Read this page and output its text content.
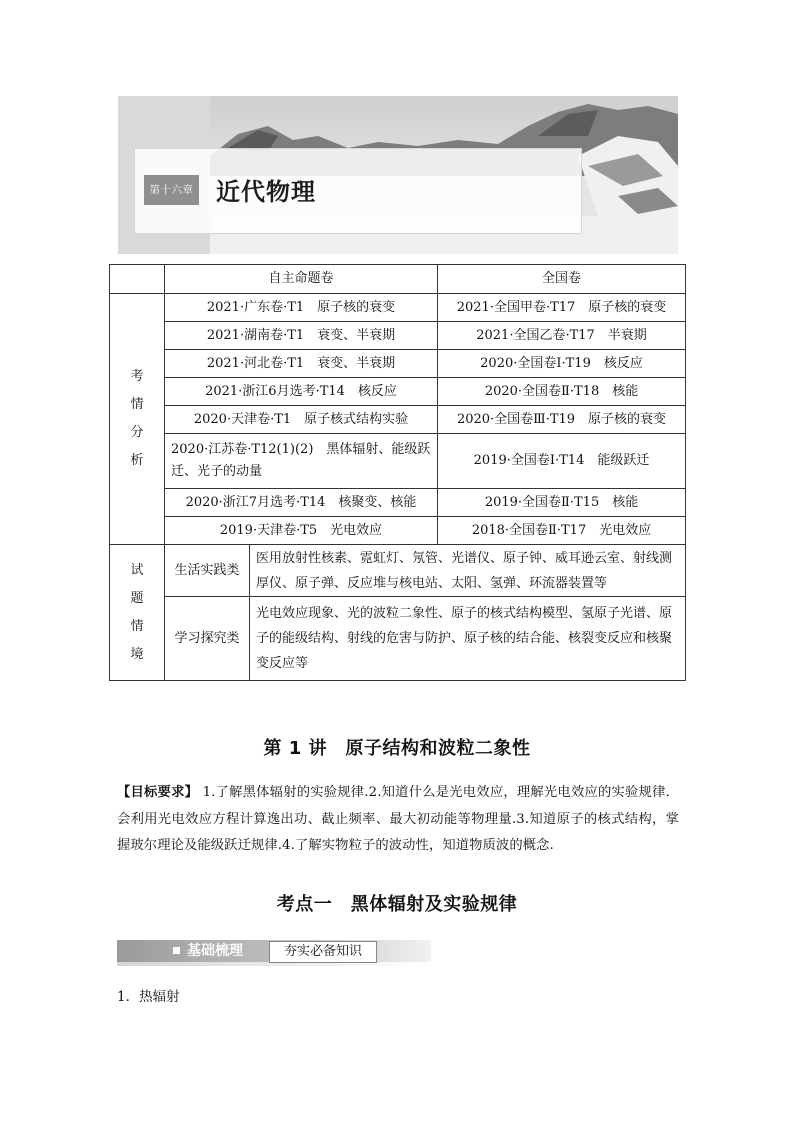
第十六章 近代物理
	自主命题卷		全国卷

考
情
分
析	2021·广东卷·T1　原子核的衰变		2021·全国甲卷·T17　原子核的衰变
	2021·湖南卷·T1　衰变、半衰期		2021·全国乙卷·T17　半衰期
	2021·河北卷·T1　衰变、半衰期		2020·全国卷Ⅰ·T19　核反应
	2021·浙江6月选考·T14　核反应		2020·全国卷Ⅱ·T18　核能
	2020·天津卷·T1　原子核式结构实验		2020·全国卷Ⅲ·T19　原子核的衰变
	2020·江苏卷·T12(1)(2)　黑体辐射、能级跃迁、光子的动量		2019·全国卷Ⅰ·T14　能级跃迁
	2020·浙江7月选考·T14　核聚变、核能		2019·全国卷Ⅱ·T15　核能
	2019·天津卷·T5　光电效应		2018·全国卷Ⅱ·T17　光电效应

试
题
情
境	生活实践类	医用放射性核素、霓虹灯、氖管、光谱仪、原子钟、威耳逊云室、射线测厚仪、原子弹、反应堆与核电站、太阳、氢弹、环流器装置等	
	学习探究类	光电效应现象、光的波粒二象性、原子的核式结构模型、氢原子光谱、原子的能级结构、射线的危害与防护、原子核的结合能、核裂变反应和核聚变反应等	
第 1 讲　原子结构和波粒二象性
【目标要求】 1.了解黑体辐射的实验规律.2.知道什么是光电效应，理解光电效应的实验规律．会利用光电效应方程计算逸出功、截止频率、最大初动能等物理量.3.知道原子的核式结构，掌握玻尔理论及能级跃迁规律.4.了解实物粒子的波动性，知道物质波的概念.
考点一　黑体辐射及实验规律
基础梳理	夯实必备知识
1．热辐射
